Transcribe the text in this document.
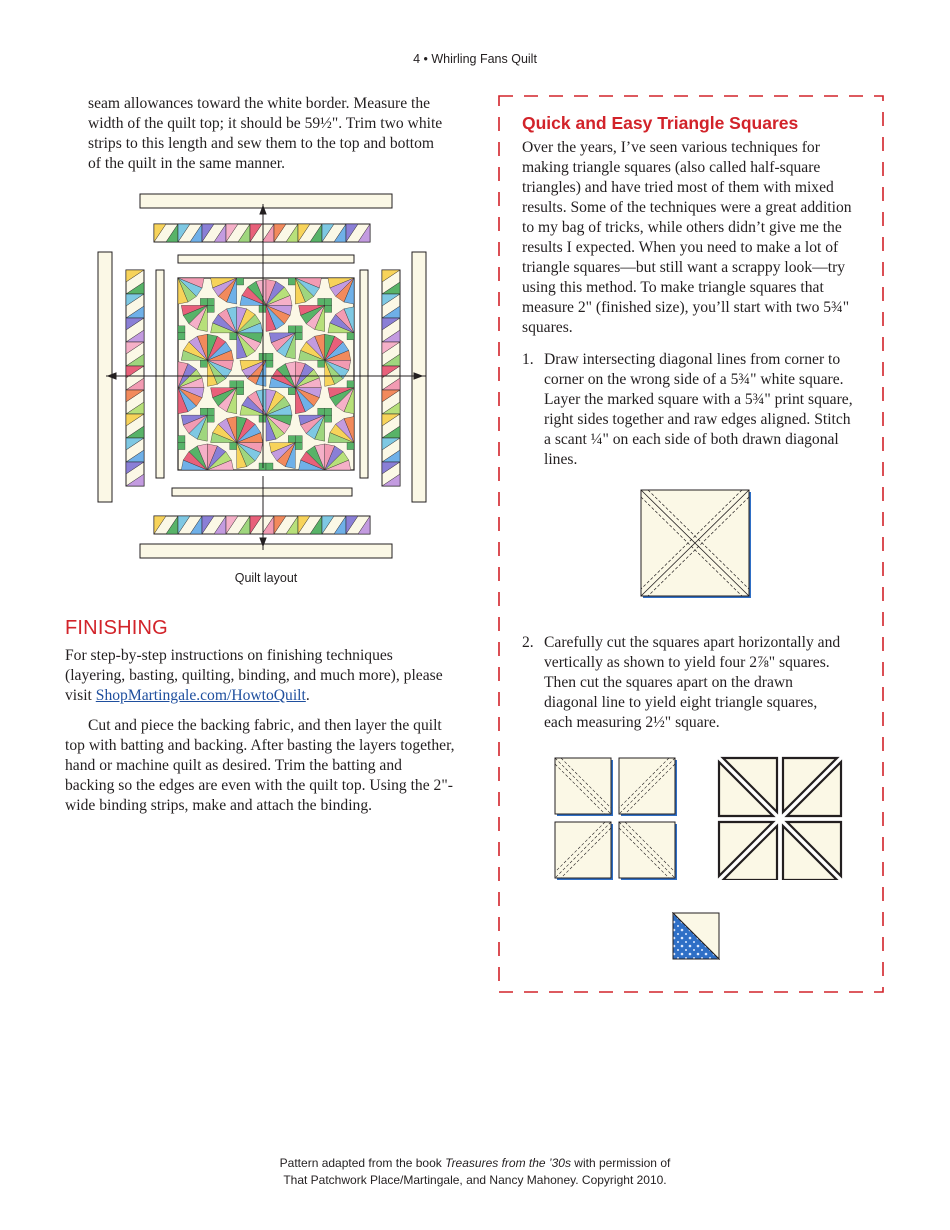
4 • Whirling Fans Quilt

seam allowances toward the white border. Measure the width of the quilt top; it should be 59½". Trim two white strips to this length and sew them to the top and bottom of the quilt in the same manner.

Quilt layout
FINISHING

For step-by-step instructions on finishing techniques (layering, basting, quilting, binding, and much more), please visit ShopMartingale.com/HowtoQuilt.

Cut and piece the backing fabric, and then layer the quilt top with batting and backing. After basting the layers together, hand or machine quilt as desired. Trim the batting and backing so the edges are even with the quilt top. Using the 2"-wide binding strips, make and attach the binding.

Quick and Easy Triangle Squares

Over the years, I’ve seen various techniques for making triangle squares (also called half-square triangles) and have tried most of them with mixed results. Some of the techniques were a great addition to my bag of tricks, while others didn’t give me the results I expected. When you need to make a lot of triangle squares—but still want a scrappy look—try using this method. To make triangle squares that measure 2" (finished size), you’ll start with two 5¾" squares.

1. Draw intersecting diagonal lines from corner to corner on the wrong side of a 5¾" white square. Layer the marked square with a 5¾" print square, right sides together and raw edges aligned. Stitch a scant ¼" on each side of both drawn diagonal lines.

2. Carefully cut the squares apart horizontally and vertically as shown to yield four 2⅞" squares. Then cut the squares apart on the drawn diagonal line to yield eight triangle squares, each measuring 2½" square.

Pattern adapted from the book Treasures from the ’30s with permission of
That Patchwork Place/Martingale, and Nancy Mahoney. Copyright 2010.
